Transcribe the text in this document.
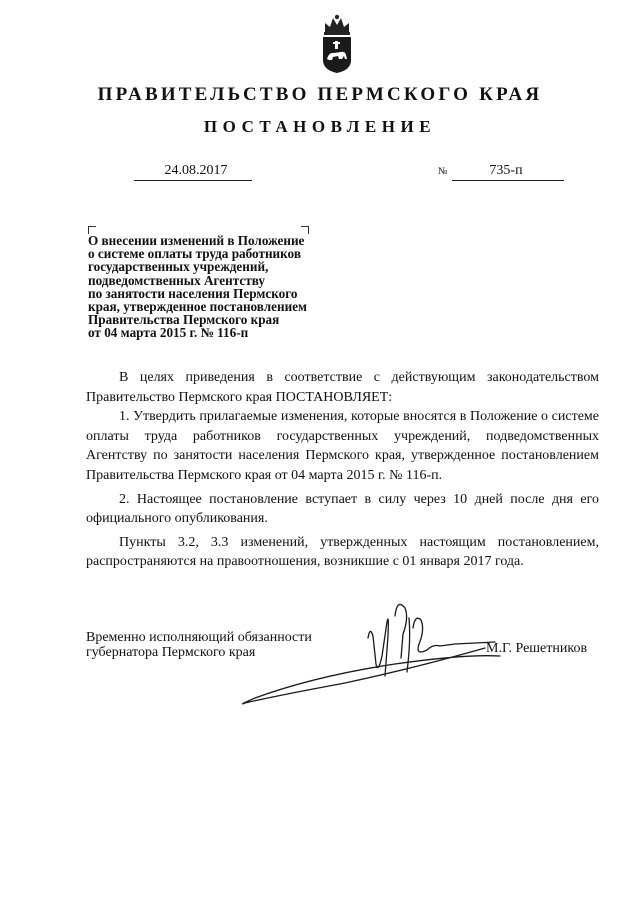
ПРАВИТЕЛЬСТВО ПЕРМСКОГО КРАЯ
ПОСТАНОВЛЕНИЕ
24.08.2017	№	735-п
О внесении изменений в Положение
о системе оплаты труда работников
государственных учреждений,
подведомственных Агентству
по занятости населения Пермского
края, утвержденное постановлением
Правительства Пермского края
от 04 марта 2015 г. № 116-п

В целях приведения в соответствие с действующим законодательством Правительство Пермского края ПОСТАНОВЛЯЕТ:

1. Утвердить прилагаемые изменения, которые вносятся в Положение о системе оплаты труда работников государственных учреждений, подведомственных Агентству по занятости населения Пермского края, утвержденное постановлением Правительства Пермского края от 04 марта 2015 г. № 116-п.

2. Настоящее постановление вступает в силу через 10 дней после дня его официального опубликования.

Пункты 3.2, 3.3 изменений, утвержденных настоящим постановлением, распространяются на правоотношения, возникшие с 01 января 2017 года.

Временно исполняющий обязанности
губернатора Пермского края	М.Г. Решетников
